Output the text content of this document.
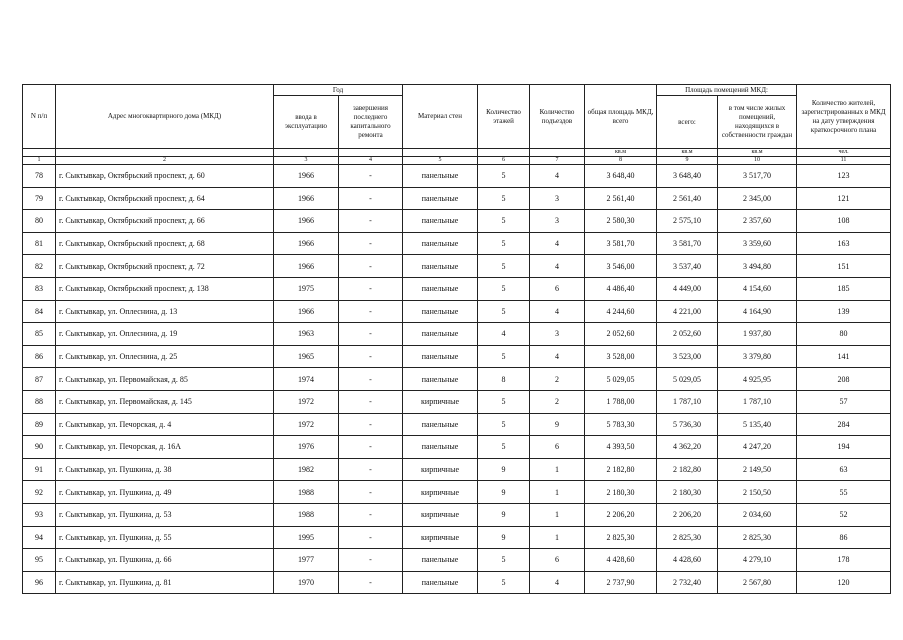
N п/п	Адрес многоквартирного дома (МКД)	Год		Материал стен	Количество этажей	Количество подъездов	общая площадь МКД, всего	Площадь помещений МКД:		Количество жителей, зарегистрированных в МКД на дату утверждения краткосрочного плана
		ввода в эксплуатацию	завершения последнего капитального ремонта					всего:	в том числе жилых помещений, находящихся в собственности граждан	
							кв.м	кв.м	кв.м	чел.
1	2	3	4	5	6	7	8	9	10	11
78	г. Сыктывкар, Октябрьский проспект, д. 60	1966	-	панельные	5	4	3 648,40	3 648,40	3 517,70	123
79	г. Сыктывкар, Октябрьский проспект, д. 64	1966	-	панельные	5	3	2 561,40	2 561,40	2 345,00	121
80	г. Сыктывкар, Октябрьский проспект, д. 66	1966	-	панельные	5	3	2 580,30	2 575,10	2 357,60	108
81	г. Сыктывкар, Октябрьский проспект, д. 68	1966	-	панельные	5	4	3 581,70	3 581,70	3 359,60	163
82	г. Сыктывкар, Октябрьский проспект, д. 72	1966	-	панельные	5	4	3 546,00	3 537,40	3 494,80	151
83	г. Сыктывкар, Октябрьский проспект, д. 138	1975	-	панельные	5	6	4 486,40	4 449,00	4 154,60	185
84	г. Сыктывкар, ул. Оплеснина, д. 13	1966	-	панельные	5	4	4 244,60	4 221,00	4 164,90	139
85	г. Сыктывкар, ул. Оплеснина, д. 19	1963	-	панельные	4	3	2 052,60	2 052,60	1 937,80	80
86	г. Сыктывкар, ул. Оплеснина, д. 25	1965	-	панельные	5	4	3 528,00	3 523,00	3 379,80	141
87	г. Сыктывкар, ул. Первомайская, д. 85	1974	-	панельные	8	2	5 029,05	5 029,05	4 925,95	208
88	г. Сыктывкар, ул. Первомайская, д. 145	1972	-	кирпичные	5	2	1 788,00	1 787,10	1 787,10	57
89	г. Сыктывкар, ул. Печорская, д. 4	1972	-	панельные	5	9	5 783,30	5 736,30	5 135,40	284
90	г. Сыктывкар, ул. Печорская, д. 16А	1976	-	панельные	5	6	4 393,50	4 362,20	4 247,20	194
91	г. Сыктывкар, ул. Пушкина, д. 38	1982	-	кирпичные	9	1	2 182,80	2 182,80	2 149,50	63
92	г. Сыктывкар, ул. Пушкина, д. 49	1988	-	кирпичные	9	1	2 180,30	2 180,30	2 150,50	55
93	г. Сыктывкар, ул. Пушкина, д. 53	1988	-	кирпичные	9	1	2 206,20	2 206,20	2 034,60	52
94	г. Сыктывкар, ул. Пушкина, д. 55	1995	-	кирпичные	9	1	2 825,30	2 825,30	2 825,30	86
95	г. Сыктывкар, ул. Пушкина, д. 66	1977	-	панельные	5	6	4 428,60	4 428,60	4 279,10	178
96	г. Сыктывкар, ул. Пушкина, д. 81	1970	-	панельные	5	4	2 737,90	2 732,40	2 567,80	120
